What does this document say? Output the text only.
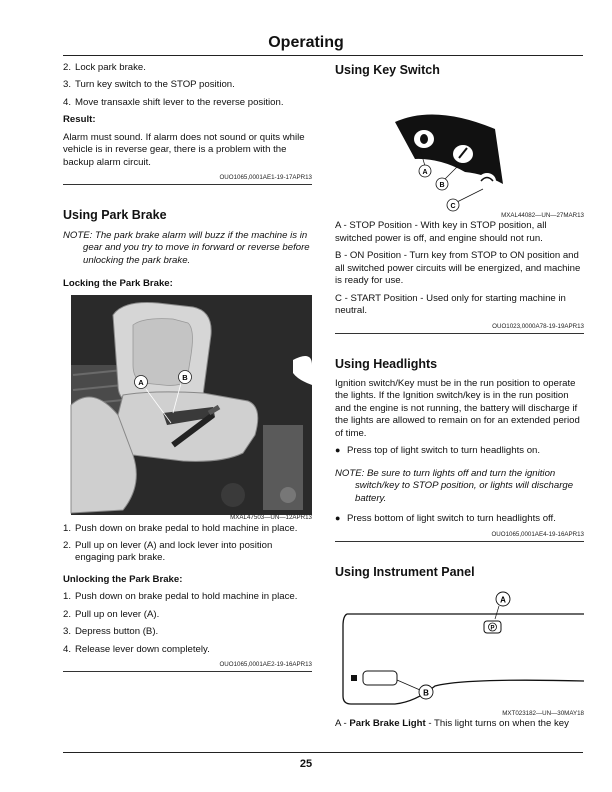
Operating
2. Lock park brake.
3. Turn key switch to the STOP position.
4. Move transaxle shift lever to the reverse position.
Result:
Alarm must sound. If alarm does not sound or quits while vehicle is in reverse gear, there is a problem with the backup alarm circuit.
OUO1065,0001AE1-19-17APR13
Using Park Brake
NOTE: The park brake alarm will buzz if the machine is in gear and you try to move in forward or reverse before unlocking the park brake.
Locking the Park Brake:
A
B
MXAL47503—UN—12APR13
1. Push down on brake pedal to hold machine in place.
2. Pull up on lever (A) and lock lever into position engaging park brake.
Unlocking the Park Brake:
1. Push down on brake pedal to hold machine in place.
2. Pull up on lever (A).
3. Depress button (B).
4. Release lever down completely.
OUO1065,0001AE2-19-16APR13
Using Key Switch
A
B
C
MXAL44082—UN—27MAR13
A - STOP Position - With key in STOP position, all switched power is off, and engine should not run.
B - ON Position - Turn key from STOP to ON position and all switched power circuits will be energized, and machine is ready for use.
C - START Position - Used only for starting machine in neutral.
OUO1023,0000A78-19-19APR13
Using Headlights
Ignition switch/Key must be in the run position to operate the lights. If the Ignition switch/key is in the run position and the engine is not running, the battery will discharge if the lights are allowed to remain on for an extended period of time.
● Press top of light switch to turn headlights on.
NOTE: Be sure to turn lights off and turn the ignition switch/key to STOP position, or lights will discharge battery.
● Press bottom of light switch to turn headlights off.
OUO1065,0001AE4-19-16APR13
Using Instrument Panel
A
P
B
MXT023182—UN—30MAY18
A - Park Brake Light - This light turns on when the key
25
